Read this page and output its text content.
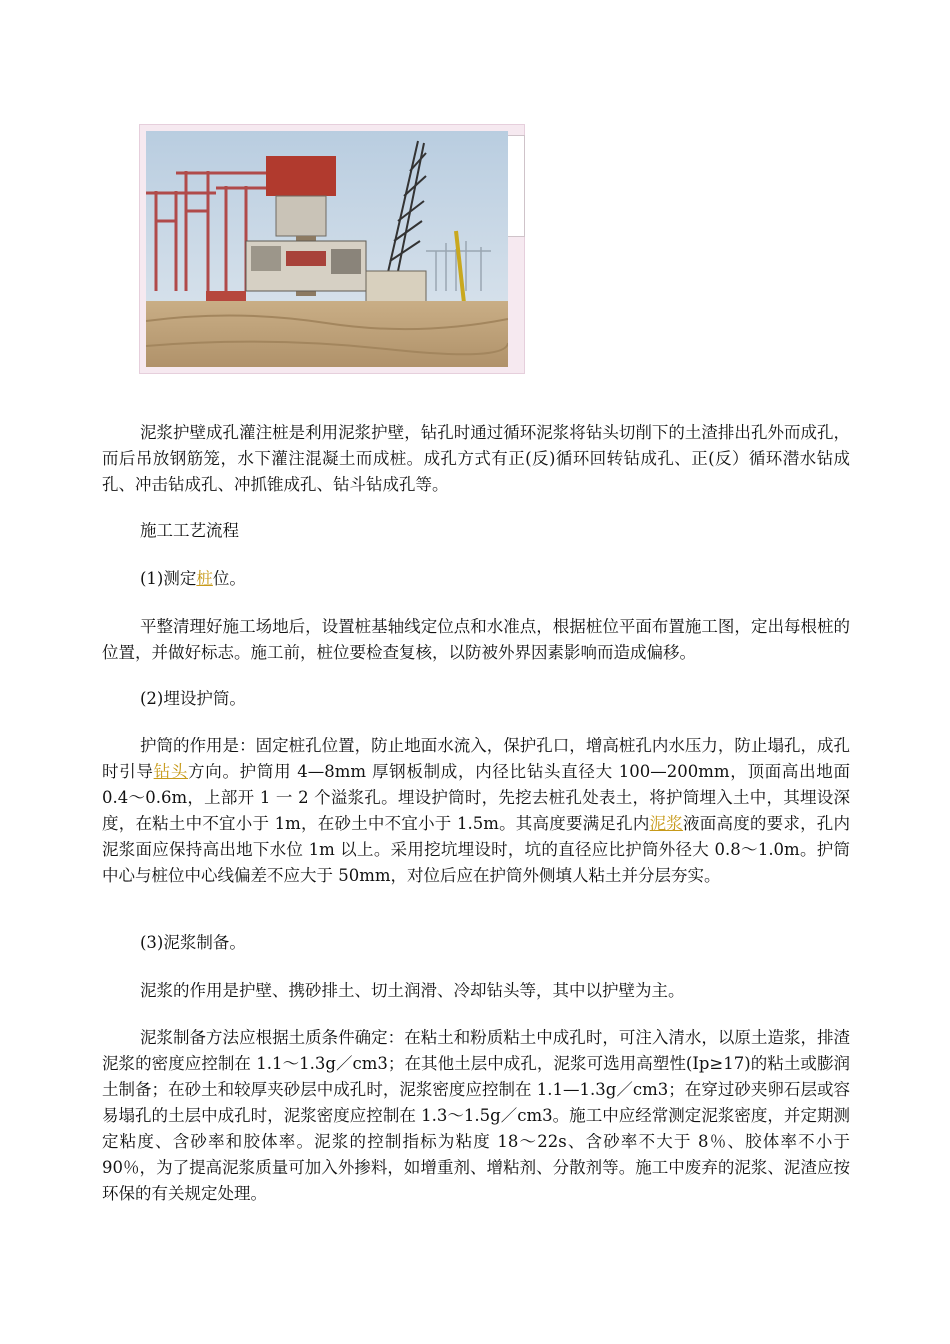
泥浆护壁成孔灌注桩是利用泥浆护壁，钻孔时通过循环泥浆将钻头切削下的土渣排出孔外而成孔，而后吊放钢筋笼，水下灌注混凝土而成桩。成孔方式有正(反)循环回转钻成孔、正(反）循环潜水钻成孔、冲击钻成孔、冲抓锥成孔、钻斗钻成孔等。
施工工艺流程
(1)测定桩位。
平整清理好施工场地后，设置桩基轴线定位点和水准点，根据桩位平面布置施工图，定出每根桩的位置，并做好标志。施工前，桩位要检查复核，以防被外界因素影响而造成偏移。
(2)埋设护筒。
护筒的作用是：固定桩孔位置，防止地面水流入，保护孔口，增高桩孔内水压力，防止塌孔，成孔时引导钻头方向。护筒用 4—8mm 厚钢板制成，内径比钻头直径大 100—200mm，顶面高出地面 0.4～0.6m，上部开 1 一 2 个溢浆孔。埋设护筒时，先挖去桩孔处表土，将护筒埋入土中，其埋设深度，在粘土中不宜小于 1m，在砂土中不宜小于 1.5m。其高度要满足孔内泥浆液面高度的要求，孔内泥浆面应保持高出地下水位 1m 以上。采用挖坑埋设时，坑的直径应比护筒外径大 0.8～1.0m。护筒中心与桩位中心线偏差不应大于 50mm，对位后应在护筒外侧填人粘土并分层夯实。
(3)泥浆制备。
泥浆的作用是护壁、携砂排土、切土润滑、冷却钻头等，其中以护壁为主。
泥浆制备方法应根据土质条件确定：在粘土和粉质粘土中成孔时，可注入清水，以原土造浆，排渣泥浆的密度应控制在 1.1～1.3g／cm3；在其他土层中成孔，泥浆可选用高塑性(Ip≥17)的粘土或膨润土制备；在砂土和较厚夹砂层中成孔时，泥浆密度应控制在 1.1—1.3g／cm3；在穿过砂夹卵石层或容易塌孔的土层中成孔时，泥浆密度应控制在 1.3～1.5g／cm3。施工中应经常测定泥浆密度，并定期测定粘度、含砂率和胶体率。泥浆的控制指标为粘度 18～22s、含砂率不大于 8％、胶体率不小于 90％，为了提高泥浆质量可加入外掺料，如增重剂、增粘剂、分散剂等。施工中废弃的泥浆、泥渣应按环保的有关规定处理。
